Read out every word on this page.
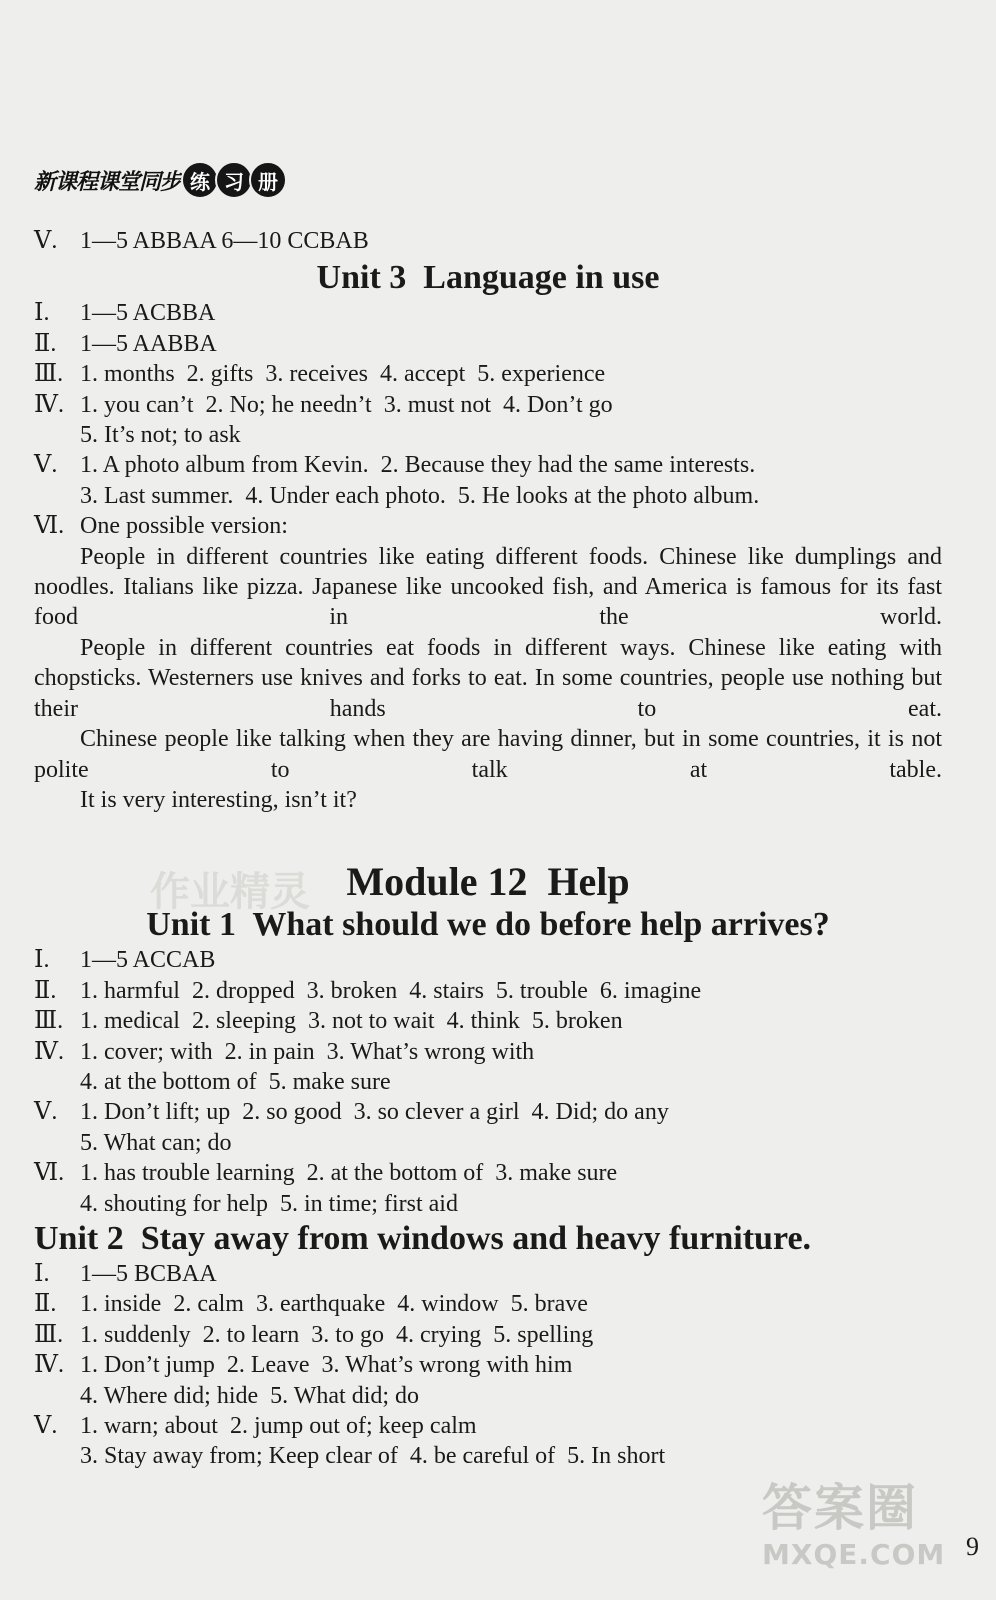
新课程课堂同步 练 习 册
Ⅴ. 1—5 ABBAA 6—10 CCBAB
Unit 3  Language in use
Ⅰ. 1—5 ACBBA
Ⅱ. 1—5 AABBA
Ⅲ. 1. months  2. gifts  3. receives  4. accept  5. experience
Ⅳ. 1. you can’t  2. No; he needn’t  3. must not  4. Don’t go
5. It’s not; to ask
Ⅴ. 1. A photo album from Kevin.  2. Because they had the same interests.
3. Last summer.  4. Under each photo.  5. He looks at the photo album.
Ⅵ. One possible version:
People in different countries like eating different foods. Chinese like dumplings and noodles. Italians like pizza. Japanese like uncooked fish, and America is famous for its fast food in the world.
People in different countries eat foods in different ways. Chinese like eating with chopsticks. Westerners use knives and forks to eat. In some countries, people use nothing but their hands to eat.
Chinese people like talking when they are having dinner, but in some countries, it is not polite to talk at table.
It is very interesting, isn’t it?
Module 12  Help
Unit 1  What should we do before help arrives?
Ⅰ. 1—5 ACCAB
Ⅱ. 1. harmful  2. dropped  3. broken  4. stairs  5. trouble  6. imagine
Ⅲ. 1. medical  2. sleeping  3. not to wait  4. think  5. broken
Ⅳ. 1. cover; with  2. in pain  3. What’s wrong with
4. at the bottom of  5. make sure
Ⅴ. 1. Don’t lift; up  2. so good  3. so clever a girl  4. Did; do any
5. What can; do
Ⅵ. 1. has trouble learning  2. at the bottom of  3. make sure
4. shouting for help  5. in time; first aid
Unit 2  Stay away from windows and heavy furniture.
Ⅰ. 1—5 BCBAA
Ⅱ. 1. inside  2. calm  3. earthquake  4. window  5. brave
Ⅲ. 1. suddenly  2. to learn  3. to go  4. crying  5. spelling
Ⅳ. 1. Don’t jump  2. Leave  3. What’s wrong with him
4. Where did; hide  5. What did; do
Ⅴ. 1. warn; about  2. jump out of; keep calm
3. Stay away from; Keep clear of  4. be careful of  5. In short
作业精灵
答案圈
MXQE.COM 9
